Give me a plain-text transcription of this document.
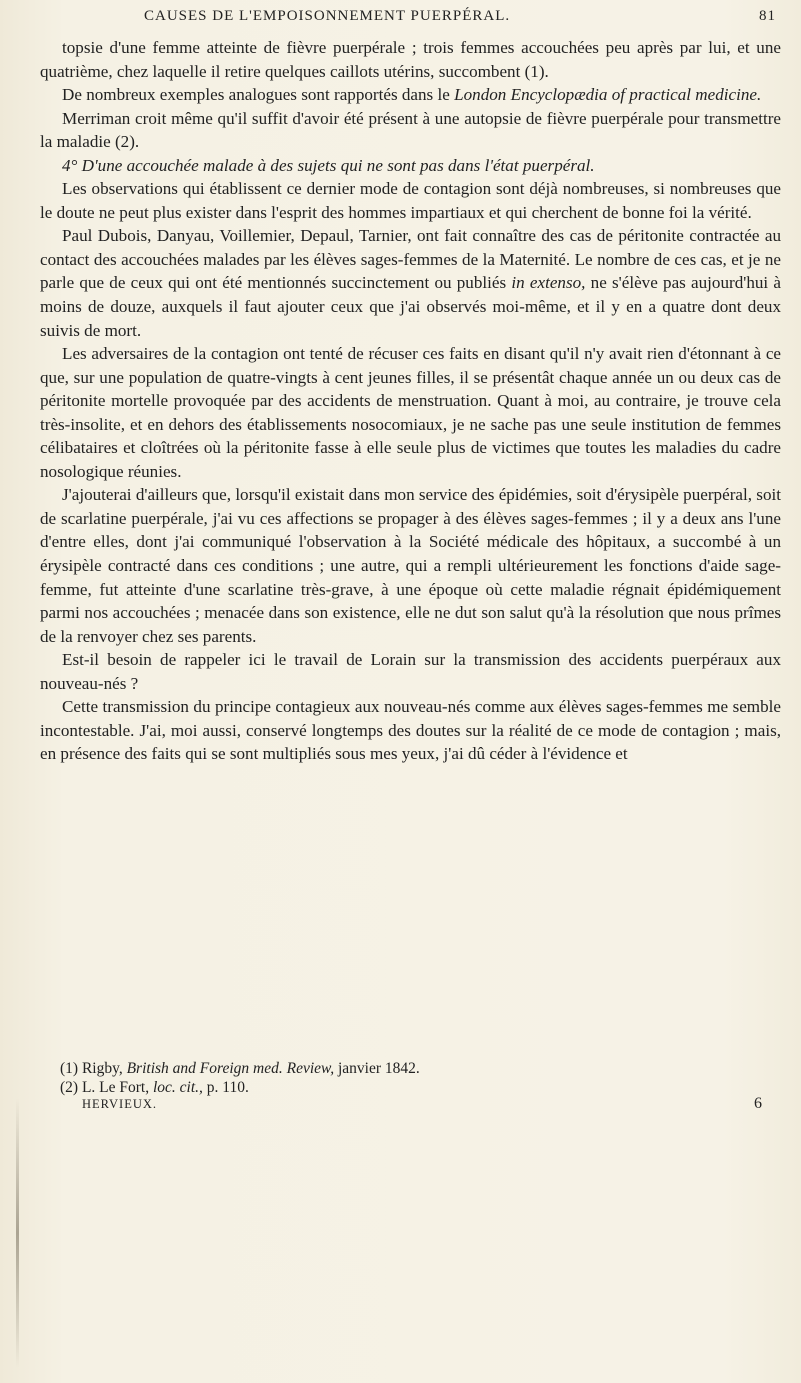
CAUSES DE L'EMPOISONNEMENT PUERPÉRAL.	81

topsie d'une femme atteinte de fièvre puerpérale ; trois femmes accouchées peu après par lui, et une quatrième, chez laquelle il retire quelques caillots utérins, succombent (1).

De nombreux exemples analogues sont rapportés dans le London Encyclopædia of practical medicine.

Merriman croit même qu'il suffit d'avoir été présent à une autopsie de fièvre puerpérale pour transmettre la maladie (2).

4° D'une accouchée malade à des sujets qui ne sont pas dans l'état puerpéral.

Les observations qui établissent ce dernier mode de contagion sont déjà nombreuses, si nombreuses que le doute ne peut plus exister dans l'esprit des hommes impartiaux et qui cherchent de bonne foi la vérité.

Paul Dubois, Danyau, Voillemier, Depaul, Tarnier, ont fait connaître des cas de péritonite contractée au contact des accouchées malades par les élèves sages-femmes de la Maternité. Le nombre de ces cas, et je ne parle que de ceux qui ont été mentionnés succinctement ou publiés in extenso, ne s'élève pas aujourd'hui à moins de douze, auxquels il faut ajouter ceux que j'ai observés moi-même, et il y en a quatre dont deux suivis de mort.

Les adversaires de la contagion ont tenté de récuser ces faits en disant qu'il n'y avait rien d'étonnant à ce que, sur une population de quatre-vingts à cent jeunes filles, il se présentât chaque année un ou deux cas de péritonite mortelle provoquée par des accidents de menstruation. Quant à moi, au contraire, je trouve cela très-insolite, et en dehors des établissements nosocomiaux, je ne sache pas une seule institution de femmes célibataires et cloîtrées où la péritonite fasse à elle seule plus de victimes que toutes les maladies du cadre nosologique réunies.

J'ajouterai d'ailleurs que, lorsqu'il existait dans mon service des épidémies, soit d'érysipèle puerpéral, soit de scarlatine puerpérale, j'ai vu ces affections se propager à des élèves sages-femmes ; il y a deux ans l'une d'entre elles, dont j'ai communiqué l'observation à la Société médicale des hôpitaux, a succombé à un érysipèle contracté dans ces conditions ; une autre, qui a rempli ultérieurement les fonctions d'aide sage-femme, fut atteinte d'une scarlatine très-grave, à une époque où cette maladie régnait épidémiquement parmi nos accouchées ; menacée dans son existence, elle ne dut son salut qu'à la résolution que nous prîmes de la renvoyer chez ses parents.

Est-il besoin de rappeler ici le travail de Lorain sur la transmission des accidents puerpéraux aux nouveau-nés ?

Cette transmission du principe contagieux aux nouveau-nés comme aux élèves sages-femmes me semble incontestable. J'ai, moi aussi, conservé longtemps des doutes sur la réalité de ce mode de contagion ; mais, en présence des faits qui se sont multipliés sous mes yeux, j'ai dû céder à l'évidence et

(1) Rigby, British and Foreign med. Review, janvier 1842.

(2) L. Le Fort, loc. cit., p. 110.

HERVIEUX.	6
